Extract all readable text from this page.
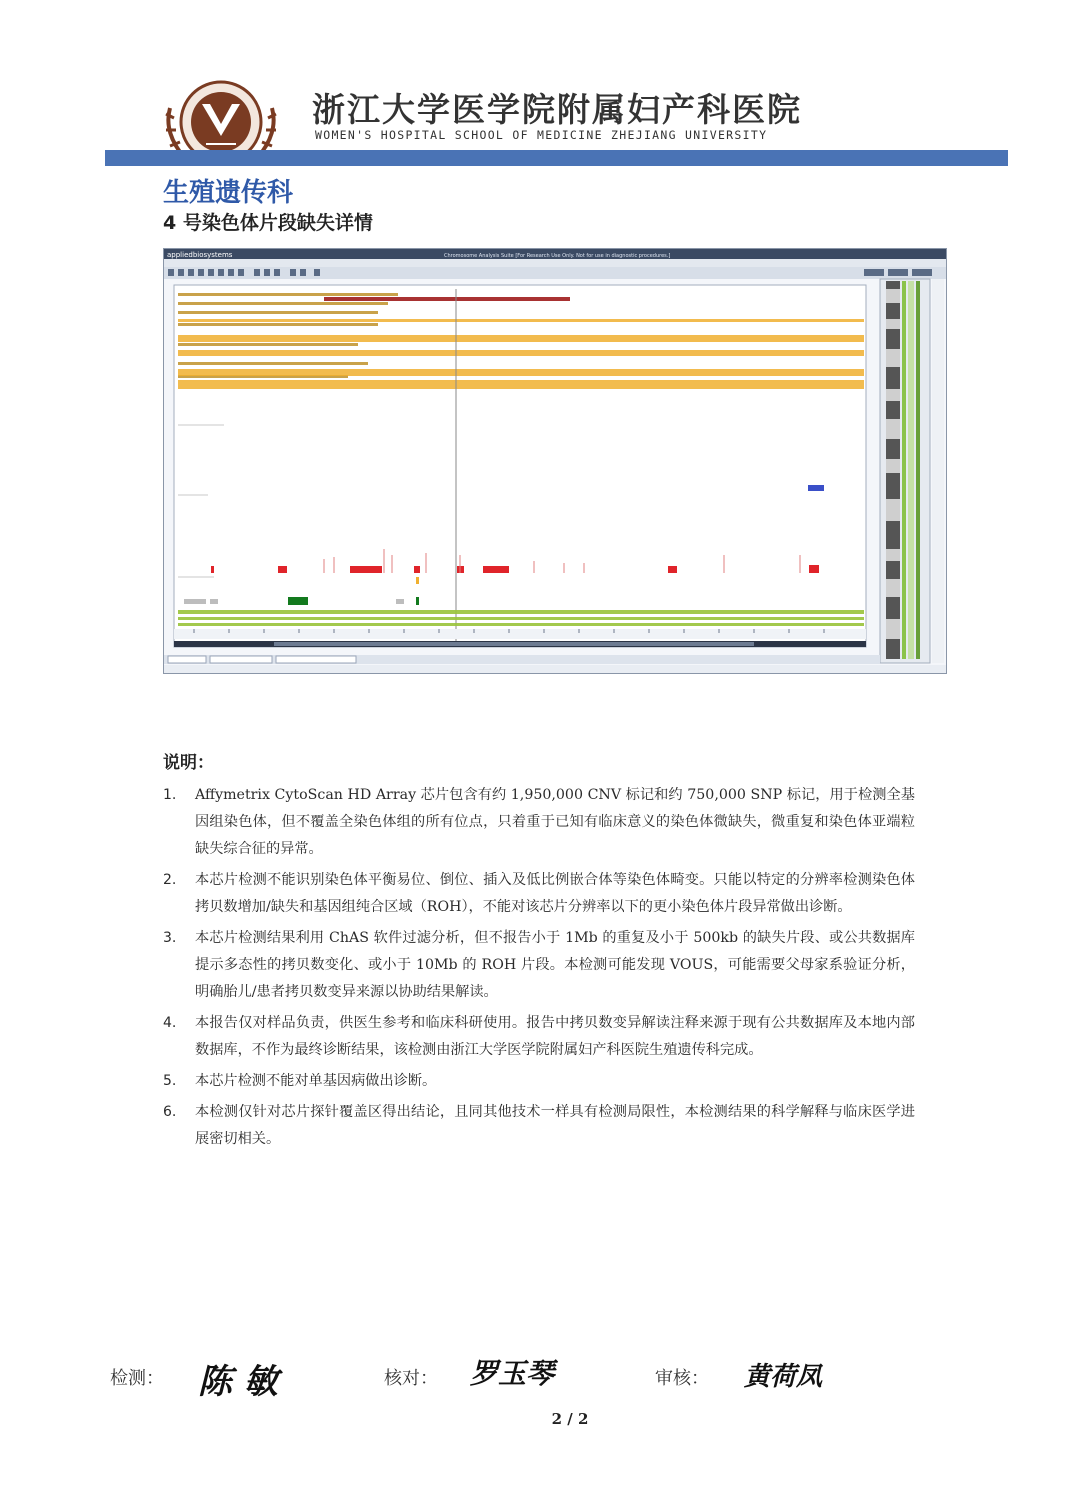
浙江大学医学院附属妇产科医院
WOMEN'S HOSPITAL SCHOOL OF MEDICINE ZHEJIANG UNIVERSITY
生殖遗传科
4 号染色体片段缺失详情
appliedbiosystems	Chromosome Analysis Suite [For Research Use Only. Not for use in diagnostic procedures.]
说明：
1. Affymetrix CytoScan HD Array 芯片包含有约 1,950,000 CNV 标记和约 750,000 SNP 标记，用于检测全基因组染色体，但不覆盖全染色体组的所有位点，只着重于已知有临床意义的染色体微缺失，微重复和染色体亚端粒缺失综合征的异常。
2. 本芯片检测不能识别染色体平衡易位、倒位、插入及低比例嵌合体等染色体畸变。只能以特定的分辨率检测染色体拷贝数增加/缺失和基因组纯合区域（ROH），不能对该芯片分辨率以下的更小染色体片段异常做出诊断。
3. 本芯片检测结果利用 ChAS 软件过滤分析，但不报告小于 1Mb 的重复及小于 500kb 的缺失片段、或公共数据库提示多态性的拷贝数变化、或小于 10Mb 的 ROH 片段。本检测可能发现 VOUS，可能需要父母家系验证分析，明确胎儿/患者拷贝数变异来源以协助结果解读。
4. 本报告仅对样品负责，供医生参考和临床科研使用。报告中拷贝数变异解读注释来源于现有公共数据库及本地内部数据库，不作为最终诊断结果，该检测由浙江大学医学院附属妇产科医院生殖遗传科完成。
5. 本芯片检测不能对单基因病做出诊断。
6. 本检测仅针对芯片探针覆盖区得出结论，且同其他技术一样具有检测局限性，本检测结果的科学解释与临床医学进展密切相关。
检测： 陈 敏	核对： 罗玉琴	审核： 黄荷凤
2 / 2
